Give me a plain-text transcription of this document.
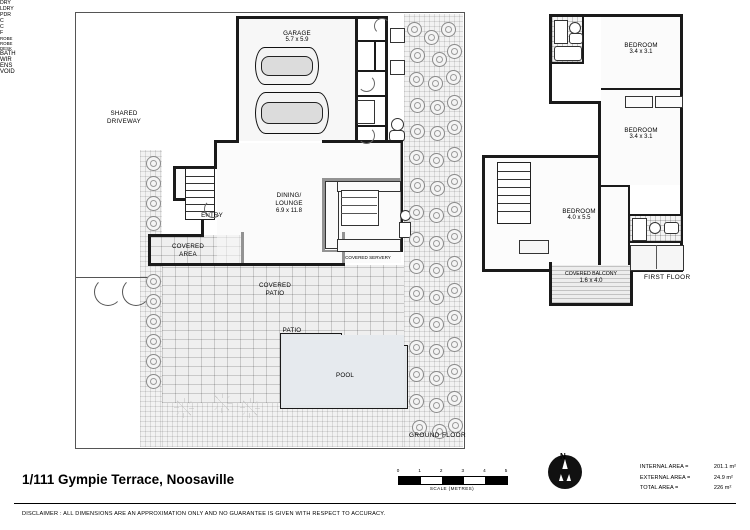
POOL
PATIO
COVERED
PATIO
SHARED
DRIVEWAY
GARAGE
5.7 x 5.9
DRY
LDRY
PDR
C
C
F
DINING/
LOUNGE
6.9 x 11.8
ENTRY
COVERED
AREA	COVERED SERVERY
GROUND FLOOR
ROBE
ROBE
DESK	BEDROOM
3.4 x 3.1
BEDROOM
3.4 x 3.1
BEDROOM
4.0 x 5.5
BATH
WIR
ENS
VOID
COVERED BALCONY
1.6 x 4.0	FIRST FLOOR
1/111 Gympie Terrace, Noosaville
0	1	2	3	4	5
SCALE (METRES)
N
INTERNAL AREA =	201.1 m²
EXTERNAL AREA =	24.9 m²
TOTAL AREA =	226 m²
DISCLAIMER : ALL DIMENSIONS ARE AN APPROXIMATION ONLY AND NO GUARANTEE IS GIVEN WITH RESPECT TO ACCURACY.
